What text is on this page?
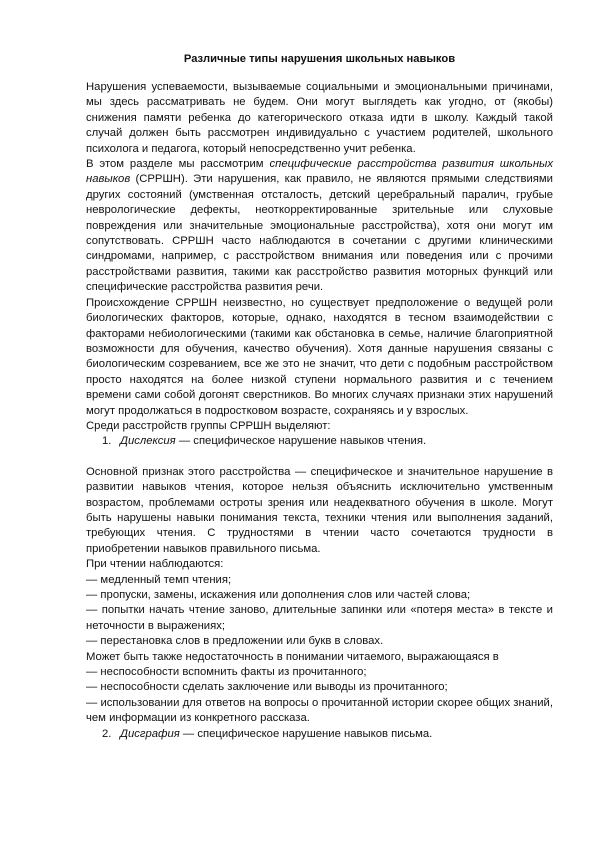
Различные типы нарушения школьных навыков

Нарушения успеваемости, вызываемые социальными и эмоциональными причинами, мы здесь рассматривать не будем. Они могут выглядеть как угодно, от (якобы) снижения памяти ребенка до категорического отказа идти в школу. Каждый такой случай должен быть рассмотрен индивидуально с участием родителей, школьного психолога и педагога, который непосредственно учит ребенка.

В этом разделе мы рассмотрим специфические расстройства развития школьных навыков (СРРШН). Эти нарушения, как правило, не являются прямыми следствиями других состояний (умственная отсталость, детский церебральный паралич, грубые неврологические дефекты, неоткорректированные зрительные или слуховые повреждения или значительные эмоциональные расстройства), хотя они могут им сопутствовать. СРРШН часто наблюдаются в сочетании с другими клиническими синдромами, например, с расстройством внимания или поведения или с прочими расстройствами развития, такими как расстройство развития моторных функций или специфические расстройства развития речи.

Происхождение СРРШН неизвестно, но существует предположение о ведущей роли биологических факторов, которые, однако, находятся в тесном взаимодействии с факторами небиологическими (такими как обстановка в семье, наличие благоприятной возможности для обучения, качество обучения). Хотя данные нарушения связаны с биологическим созреванием, все же это не значит, что дети с подобным расстройством просто находятся на более низкой ступени нормального развития и с течением времени сами собой догонят сверстников. Во многих случаях признаки этих нарушений могут продолжаться в подростковом возрасте, сохраняясь и у взрослых.

Среди расстройств группы СРРШН выделяют:

1. Дислексия — специфическое нарушение навыков чтения.

Основной признак этого расстройства — специфическое и значительное нарушение в развитии навыков чтения, которое нельзя объяснить исключительно умственным возрастом, проблемами остроты зрения или неадекватного обучения в школе. Могут быть нарушены навыки понимания текста, техники чтения или выполнения заданий, требующих чтения. С трудностями в чтении часто сочетаются трудности в приобретении навыков правильного письма.

При чтении наблюдаются:

— медленный темп чтения;

— пропуски, замены, искажения или дополнения слов или частей слова;

— попытки начать чтение заново, длительные запинки или «потеря места» в тексте и неточности в выражениях;

— перестановка слов в предложении или букв в словах.

Может быть также недостаточность в понимании читаемого, выражающаяся в

— неспособности вспомнить факты из прочитанного;

— неспособности сделать заключение или выводы из прочитанного;

— использовании для ответов на вопросы о прочитанной истории скорее общих знаний, чем информации из конкретного рассказа.

2. Дисграфия — специфическое нарушение навыков письма.
